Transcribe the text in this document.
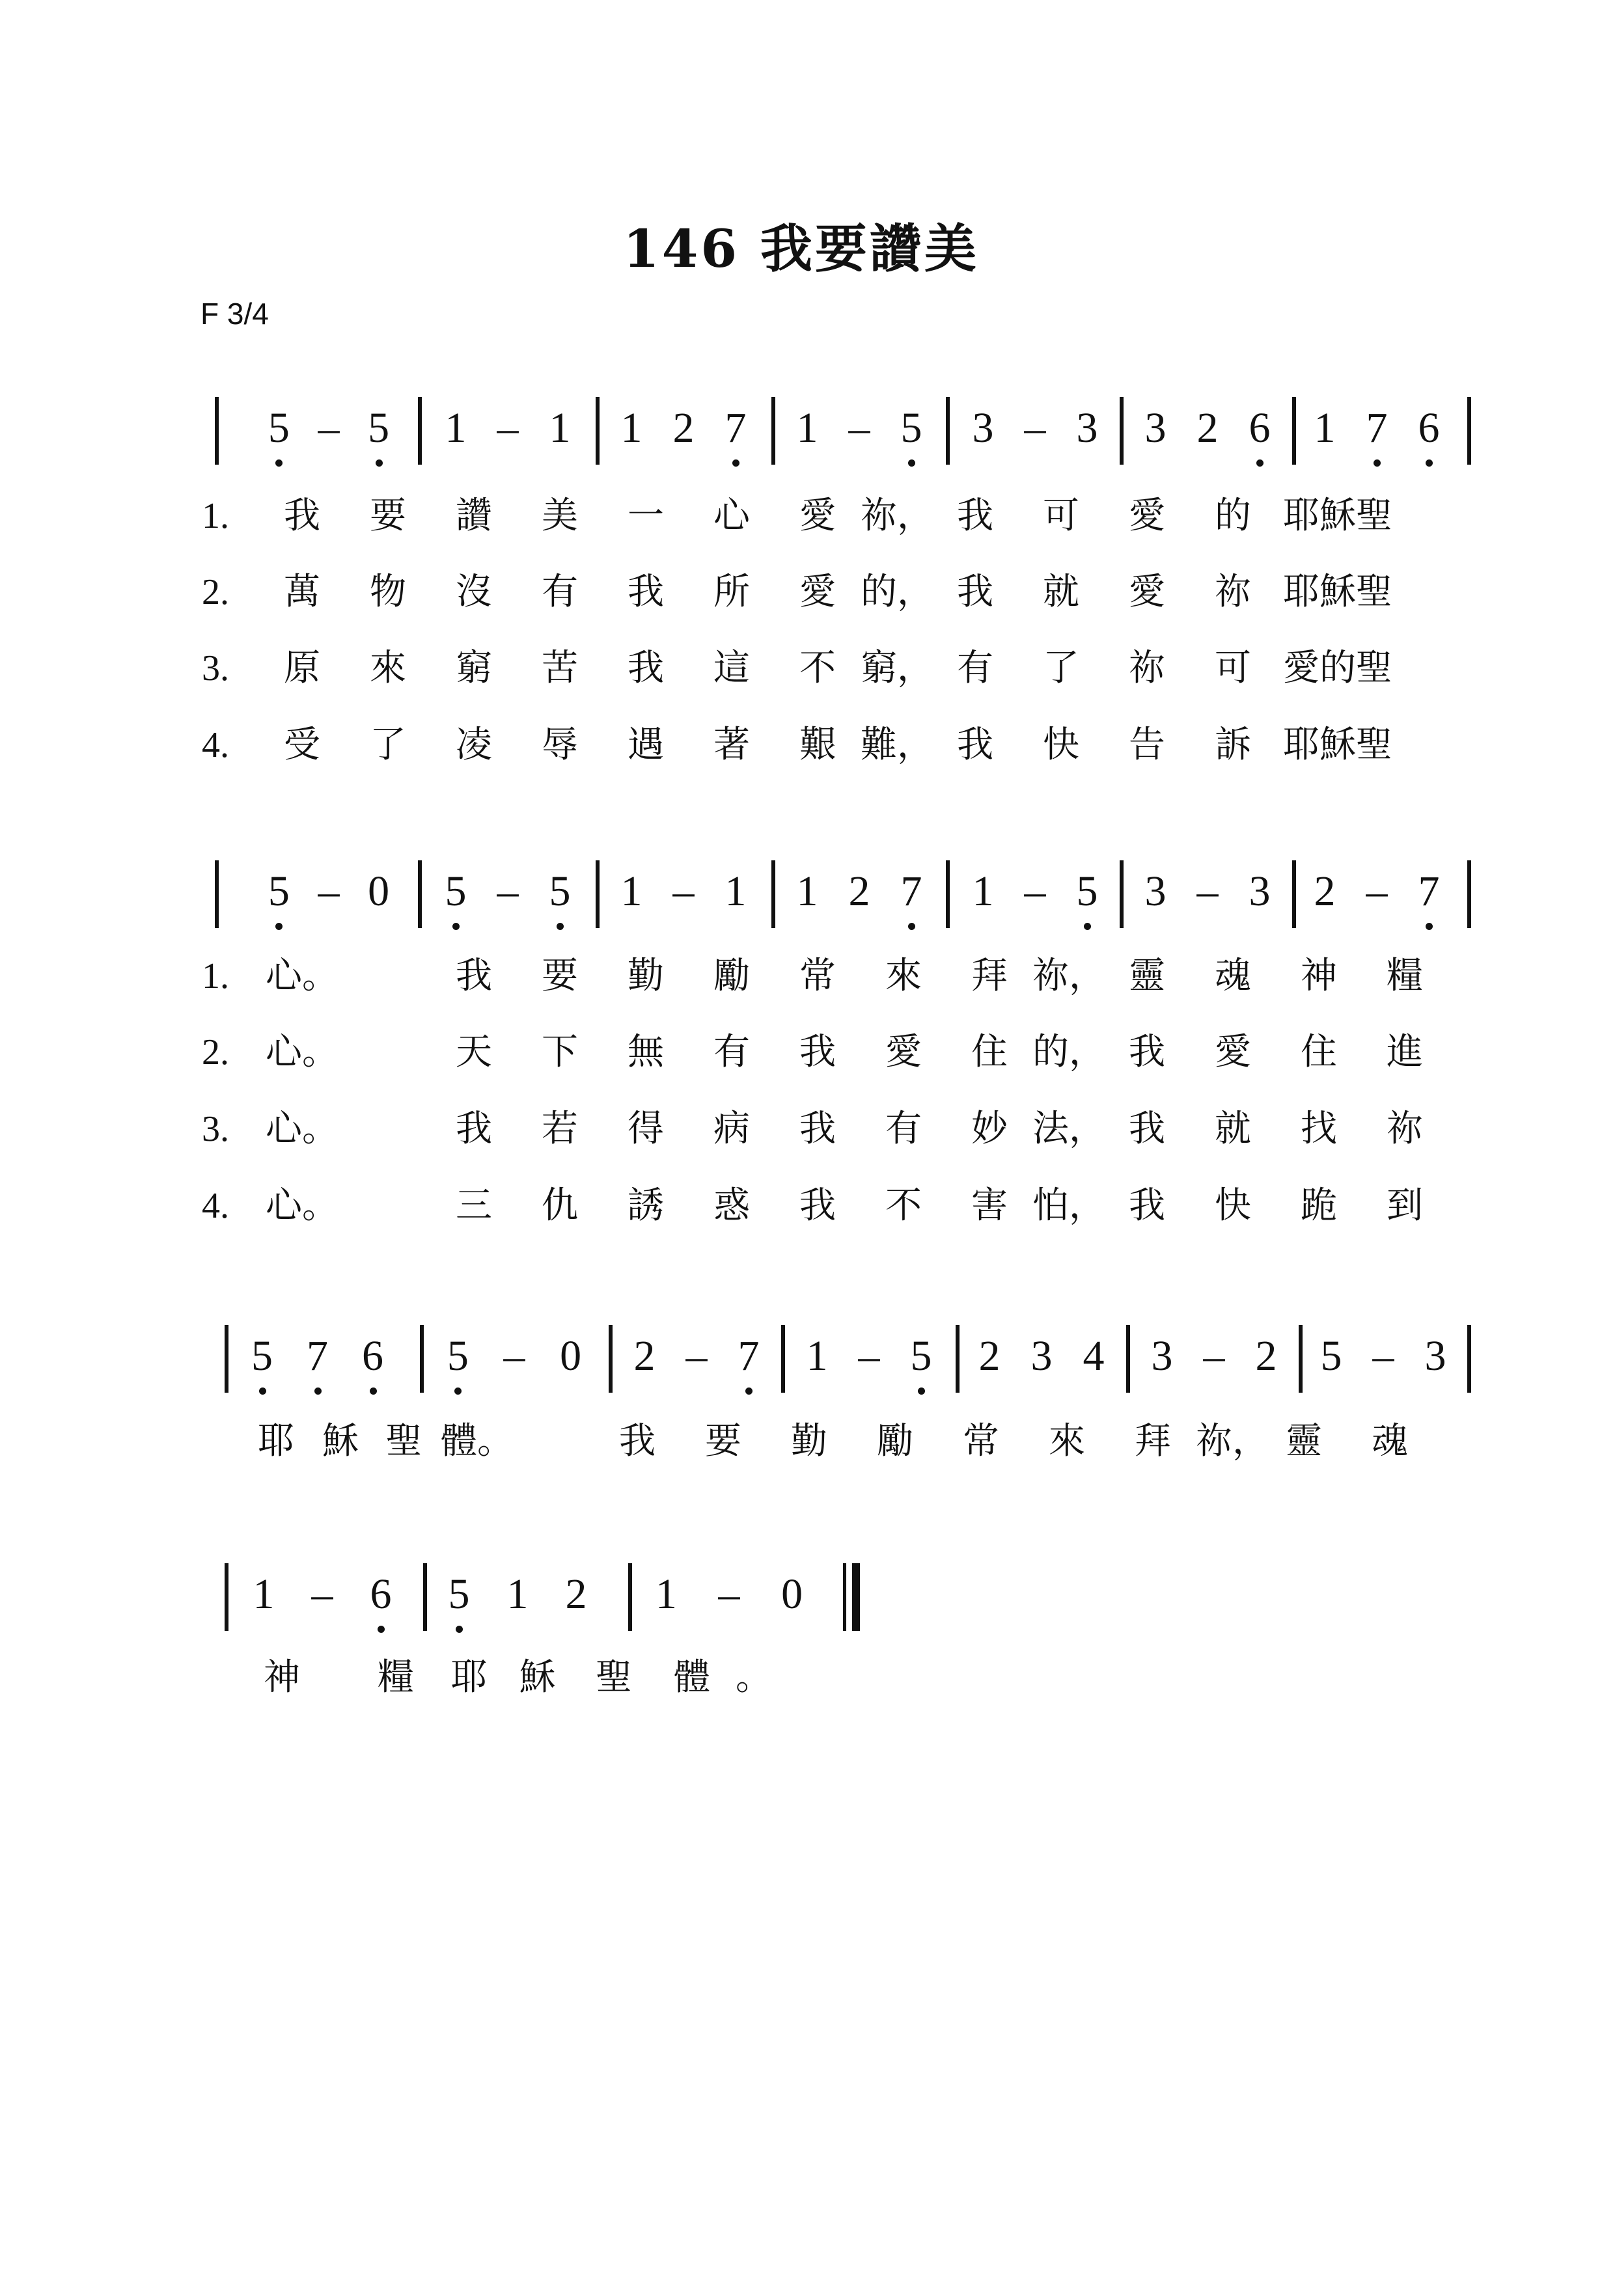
146 我要讚美
F 3/4
5 – 5 1 – 1 1 2 7 1 – 5 3 – 3 3 2 6 1 7 6
1. 我 要 讚 美 一 心 愛 祢， 我 可 愛 的 耶穌聖
2. 萬 物 沒 有 我 所 愛 的， 我 就 愛 祢 耶穌聖
3. 原 來 窮 苦 我 這 不 窮， 有 了 祢 可 愛的聖
4. 受 了 凌 辱 遇 著 艱 難， 我 快 告 訴 耶穌聖
5 – 0 5 – 5 1 – 1 1 2 7 1 – 5 3 – 3 2 – 7
1. 心。	我 要 勤 勵 常 來 拜 祢， 靈 魂 神 糧
2. 心。	天 下 無 有 我 愛 住 的， 我 愛 住 進
3. 心。	我 若 得 病 我 有 妙 法， 我 就 找 祢
4. 心。	三 仇 誘 惑 我 不 害 怕， 我 快 跪 到
5 7 6 5 – 0 2 – 7 1 – 5 2 3 4 3 – 2 5 – 3
耶 穌 聖 體。	我 要 勤 勵 常 來 拜 祢， 靈 魂
1 – 6 5 1 2 1 – 0
神 糧 耶 穌 聖 體 。
